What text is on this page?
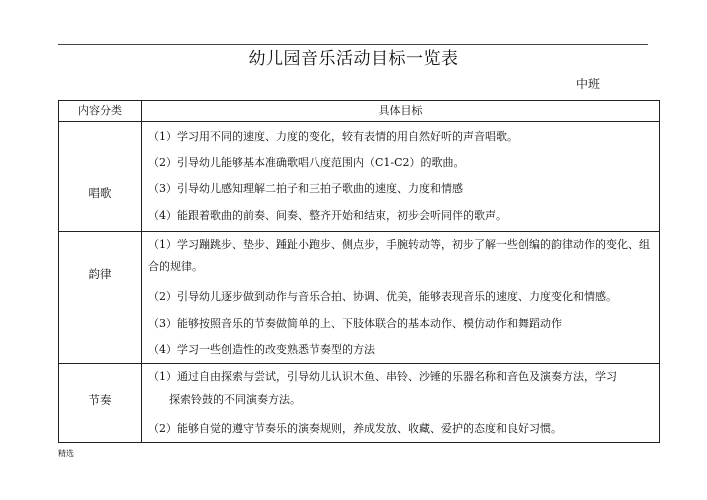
幼儿园音乐活动目标一览表
中班
内容分类	具体目标
唱歌
（1）学习用不同的速度、力度的变化，较有表情的用自然好听的声音唱歌。
（2）引导幼儿能够基本准确歌唱八度范围内（C1-C2）的歌曲。
（3）引导幼儿感知理解二拍子和三拍子歌曲的速度、力度和情感
（4）能跟着歌曲的前奏、间奏、整齐开始和结束，初步会听同伴的歌声。
韵律
（1）学习蹦跳步、垫步、踵趾小跑步、侧点步，手腕转动等，初步了解一些创编的韵律动作的变化、组合的规律。
（2）引导幼儿逐步做到动作与音乐合拍、协调、优美，能够表现音乐的速度、力度变化和情感。
（3）能够按照音乐的节奏做简单的上、下肢体联合的基本动作、模仿动作和舞蹈动作
（4）学习一些创造性的改变熟悉节奏型的方法
节奏
（1）通过自由探索与尝试，引导幼儿认识木鱼、串铃、沙锤的乐器名称和音色及演奏方法，学习
探索铃鼓的不同演奏方法。
（2）能够自觉的遵守节奏乐的演奏规则，养成发放、收藏、爱护的态度和良好习惯。
精选
